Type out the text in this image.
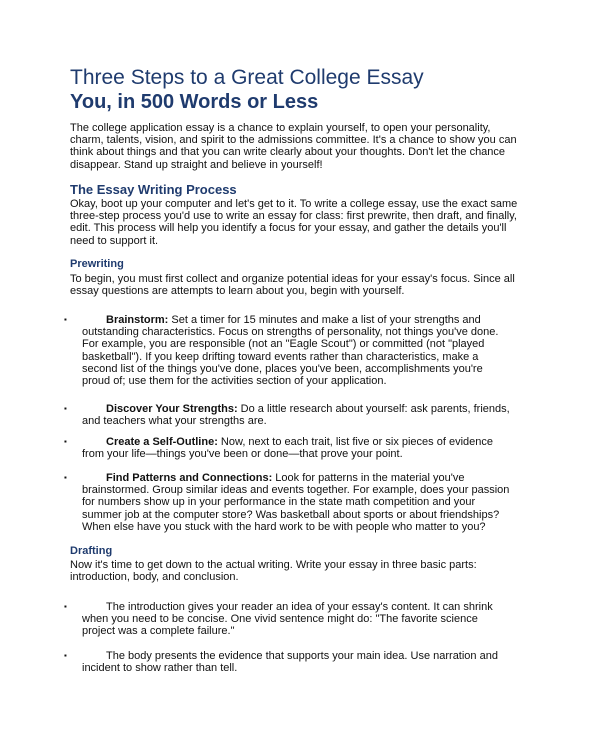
Three Steps to a Great College Essay
You, in 500 Words or Less
The college application essay is a chance to explain yourself, to open your personality, charm, talents, vision, and spirit to the admissions committee. It's a chance to show you can think about things and that you can write clearly about your thoughts. Don't let the chance disappear. Stand up straight and believe in yourself!
The Essay Writing Process
Okay, boot up your computer and let's get to it. To write a college essay, use the exact same three-step process you'd use to write an essay for class: first prewrite, then draft, and finally, edit. This process will help you identify a focus for your essay, and gather the details you'll need to support it.
Prewriting
To begin, you must first collect and organize potential ideas for your essay's focus. Since all essay questions are attempts to learn about you, begin with yourself.
▪	Brainstorm: Set a timer for 15 minutes and make a list of your strengths and outstanding characteristics. Focus on strengths of personality, not things you've done. For example, you are responsible (not an "Eagle Scout") or committed (not "played basketball"). If you keep drifting toward events rather than characteristics, make a second list of the things you've done, places you've been, accomplishments you're proud of; use them for the activities section of your application.
▪	Discover Your Strengths: Do a little research about yourself: ask parents, friends, and teachers what your strengths are.
▪	Create a Self-Outline: Now, next to each trait, list five or six pieces of evidence from your life—things you've been or done—that prove your point.
▪	Find Patterns and Connections: Look for patterns in the material you've brainstormed. Group similar ideas and events together. For example, does your passion for numbers show up in your performance in the state math competition and your summer job at the computer store? Was basketball about sports or about friendships? When else have you stuck with the hard work to be with people who matter to you?
Drafting
Now it's time to get down to the actual writing. Write your essay in three basic parts: introduction, body, and conclusion.
▪	The introduction gives your reader an idea of your essay's content. It can shrink when you need to be concise. One vivid sentence might do: "The favorite science project was a complete failure."
▪	The body presents the evidence that supports your main idea. Use narration and incident to show rather than tell.
